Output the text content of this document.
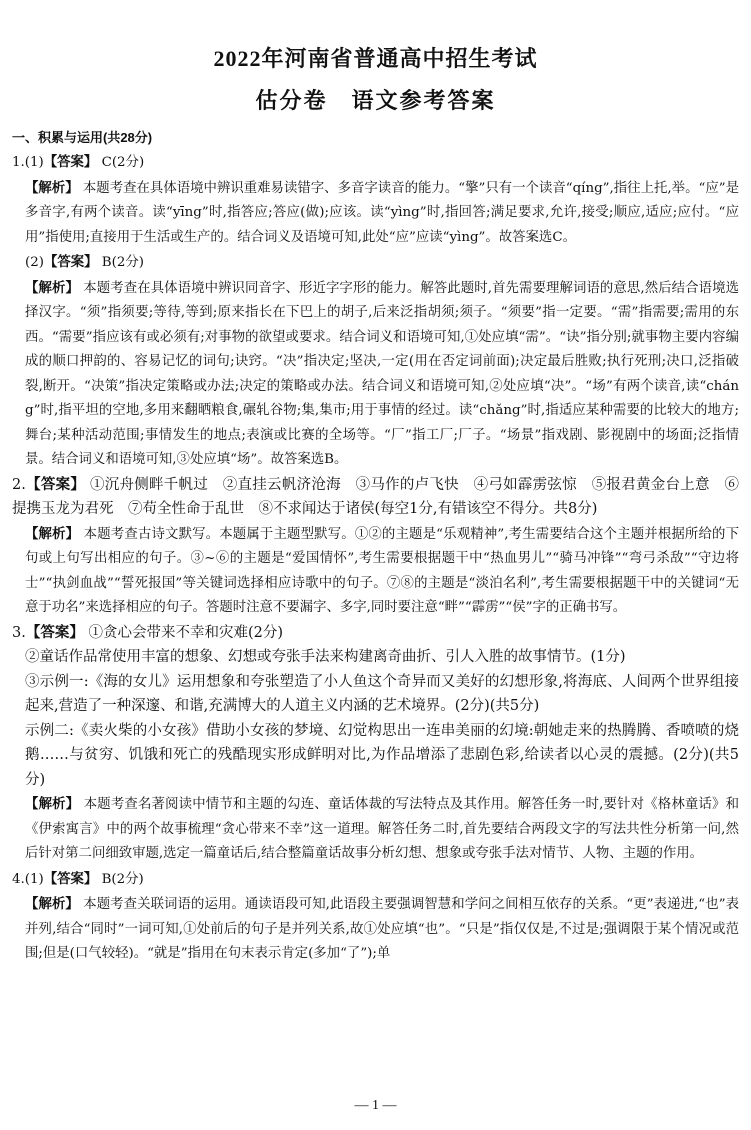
2022年河南省普通高中招生考试
估分卷　语文参考答案
一、积累与运用(共28分)

1.(1)【答案】 C(2分)

【解析】 本题考查在具体语境中辨识重难易读错字、多音字读音的能力。“擎”只有一个读音“qíng”,指往上托,举。“应”是多音字,有两个读音。读“yīng”时,指答应;答应(做);应该。读“yìng”时,指回答;满足要求,允许,接受;顺应,适应;应付。“应用”指使用;直接用于生活或生产的。结合词义及语境可知,此处“应”应读“yìng”。故答案选C。

(2)【答案】 B(2分)

【解析】 本题考查在具体语境中辨识同音字、形近字字形的能力。解答此题时,首先需要理解词语的意思,然后结合语境选择汉字。“须”指须要;等待,等到;原来指长在下巴上的胡子,后来泛指胡须;须子。“须要”指一定要。“需”指需要;需用的东西。“需要”指应该有或必须有;对事物的欲望或要求。结合词义和语境可知,①处应填“需”。“诀”指分别;就事物主要内容编成的顺口押韵的、容易记忆的词句;诀窍。“决”指决定;坚决,一定(用在否定词前面);决定最后胜败;执行死刑;决口,泛指破裂,断开。“决策”指决定策略或办法;决定的策略或办法。结合词义和语境可知,②处应填“决”。“场”有两个读音,读“cháng”时,指平坦的空地,多用来翻晒粮食,碾轧谷物;集,集市;用于事情的经过。读“chǎng”时,指适应某种需要的比较大的地方;舞台;某种活动范围;事情发生的地点;表演或比赛的全场等。“厂”指工厂;厂子。“场景”指戏剧、影视剧中的场面;泛指情景。结合词义和语境可知,③处应填“场”。故答案选B。

2.【答案】 ①沉舟侧畔千帆过　②直挂云帆济沧海　③马作的卢飞快　④弓如霹雳弦惊　⑤报君黄金台上意　⑥提携玉龙为君死　⑦苟全性命于乱世　⑧不求闻达于诸侯(每空1分,有错该空不得分。共8分)

【解析】 本题考查古诗文默写。本题属于主题型默写。①②的主题是“乐观精神”,考生需要结合这个主题并根据所给的下句或上句写出相应的句子。③~⑥的主题是“爱国情怀”,考生需要根据题干中“热血男儿”“骑马冲锋”“弯弓杀敌”“守边将士”“执剑血战”“誓死报国”等关键词选择相应诗歌中的句子。⑦⑧的主题是“淡泊名利”,考生需要根据题干中的关键词“无意于功名”来选择相应的句子。答题时注意不要漏字、多字,同时要注意“畔”“霹雳”“侯”字的正确书写。

3.【答案】 ①贪心会带来不幸和灾难(2分)

②童话作品常使用丰富的想象、幻想或夸张手法来构建离奇曲折、引人入胜的故事情节。(1分)

③示例一:《海的女儿》运用想象和夸张塑造了小人鱼这个奇异而又美好的幻想形象,将海底、人间两个世界组接起来,营造了一种深邃、和谐,充满博大的人道主义内涵的艺术境界。(2分)(共5分)

示例二:《卖火柴的小女孩》借助小女孩的梦境、幻觉构思出一连串美丽的幻境:朝她走来的热腾腾、香喷喷的烧鹅……与贫穷、饥饿和死亡的残酷现实形成鲜明对比,为作品增添了悲剧色彩,给读者以心灵的震撼。(2分)(共5分)

【解析】 本题考查名著阅读中情节和主题的勾连、童话体裁的写法特点及其作用。解答任务一时,要针对《格林童话》和《伊索寓言》中的两个故事梳理“贪心带来不幸”这一道理。解答任务二时,首先要结合两段文字的写法共性分析第一问,然后针对第二问细致审题,选定一篇童话后,结合整篇童话故事分析幻想、想象或夸张手法对情节、人物、主题的作用。

4.(1)【答案】 B(2分)

【解析】 本题考查关联词语的运用。通读语段可知,此语段主要强调智慧和学问之间相互依存的关系。“更”表递进,“也”表并列,结合“同时”一词可知,①处前后的句子是并列关系,故①处应填“也”。“只是”指仅仅是,不过是;强调限于某个情况或范围;但是(口气较轻)。“就是”指用在句末表示肯定(多加“了”);单

— 1 —
